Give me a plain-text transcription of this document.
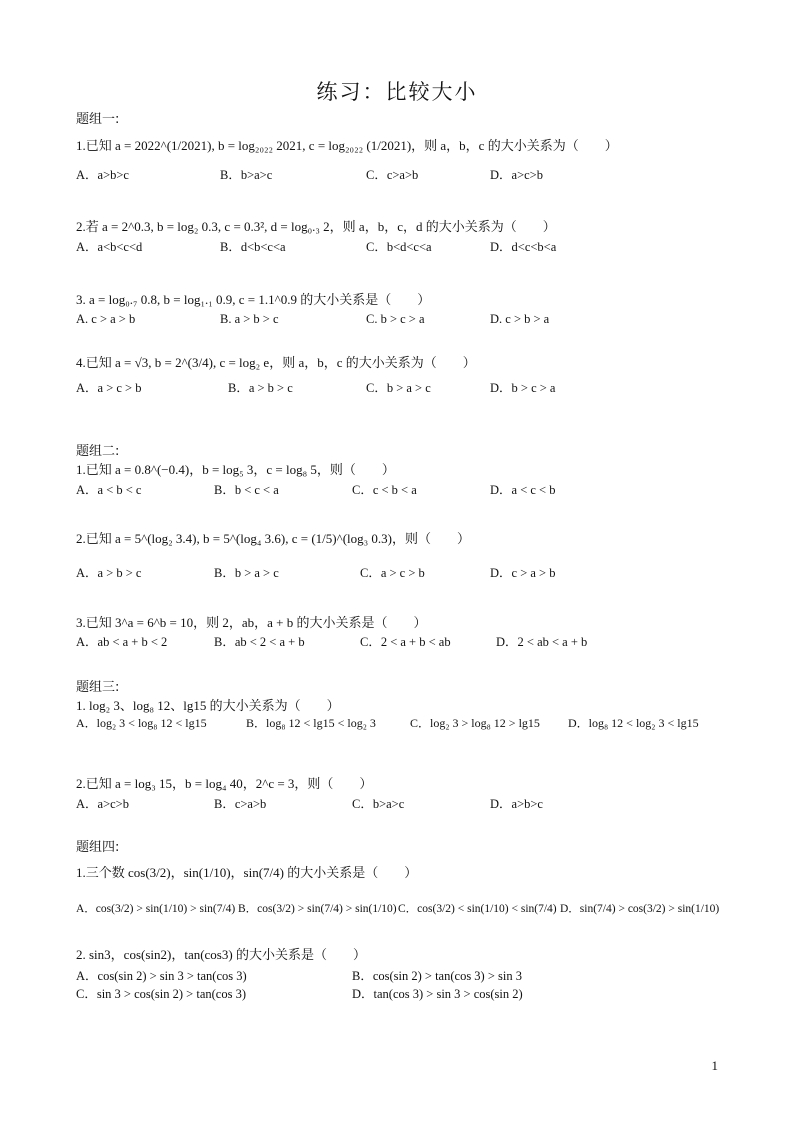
练习：比较大小
题组一:
1.已知 a = 2022^(1/2021), b = log₂₀₂₂ 2021, c = log₂₀₂₂ (1/2021)，则 a，b，c 的大小关系为（　　）
A．a>b>c	B．b>a>c	C．c>a>b	D．a>c>b
2.若 a = 2^0.3, b = log₂ 0.3, c = 0.3², d = log₀.₃ 2，则 a，b，c，d 的大小关系为（　　）
A．a<b<c<d	B．d<b<c<a	C．b<d<c<a	D．d<c<b<a
3. a = log₀.₇ 0.8, b = log₁.₁ 0.9, c = 1.1^0.9 的大小关系是（　　）
A. c > a > b	B. a > b > c	C. b > c > a	D. c > b > a
4.已知 a = √3, b = 2^(3/4), c = log₂ e，则 a，b，c 的大小关系为（　　）
A．a > c > b	B．a > b > c	C．b > a > c	D．b > c > a
题组二:
1.已知 a = 0.8^(−0.4)，b = log₅ 3，c = log₈ 5，则（　　）
A．a < b < c	B．b < c < a	C．c < b < a	D．a < c < b
2.已知 a = 5^(log₂ 3.4), b = 5^(log₄ 3.6), c = (1/5)^(log₃ 0.3)，则（　　）
A．a > b > c	B．b > a > c	C．a > c > b	D．c > a > b
3.已知 3^a = 6^b = 10，则 2，ab，a + b 的大小关系是（　　）
A．ab < a + b < 2	B．ab < 2 < a + b	C．2 < a + b < ab	D．2 < ab < a + b
题组三:
1. log₂ 3、log₈ 12、lg15 的大小关系为（　　）
A．log₂ 3 < log₈ 12 < lg15	B．log₈ 12 < lg15 < log₂ 3	C．log₂ 3 > log₈ 12 > lg15 D．log₈ 12 < log₂ 3 < lg15
2.已知 a = log₃ 15，b = log₄ 40，2^c = 3，则（　　）
A．a>c>b	B．c>a>b	C．b>a>c	D．a>b>c
题组四:
1.三个数 cos(3/2)，sin(1/10)，sin(7/4) 的大小关系是（　　）
A．cos(3/2) > sin(1/10) > sin(7/4) B．cos(3/2) > sin(7/4) > sin(1/10) C．cos(3/2) < sin(1/10) < sin(7/4) D．sin(7/4) > cos(3/2) > sin(1/10)
2. sin3，cos(sin2)，tan(cos3) 的大小关系是（　　）
A．cos(sin 2) > sin 3 > tan(cos 3)	B．cos(sin 2) > tan(cos 3) > sin 3
C．sin 3 > cos(sin 2) > tan(cos 3)	D．tan(cos 3) > sin 3 > cos(sin 2)
1
